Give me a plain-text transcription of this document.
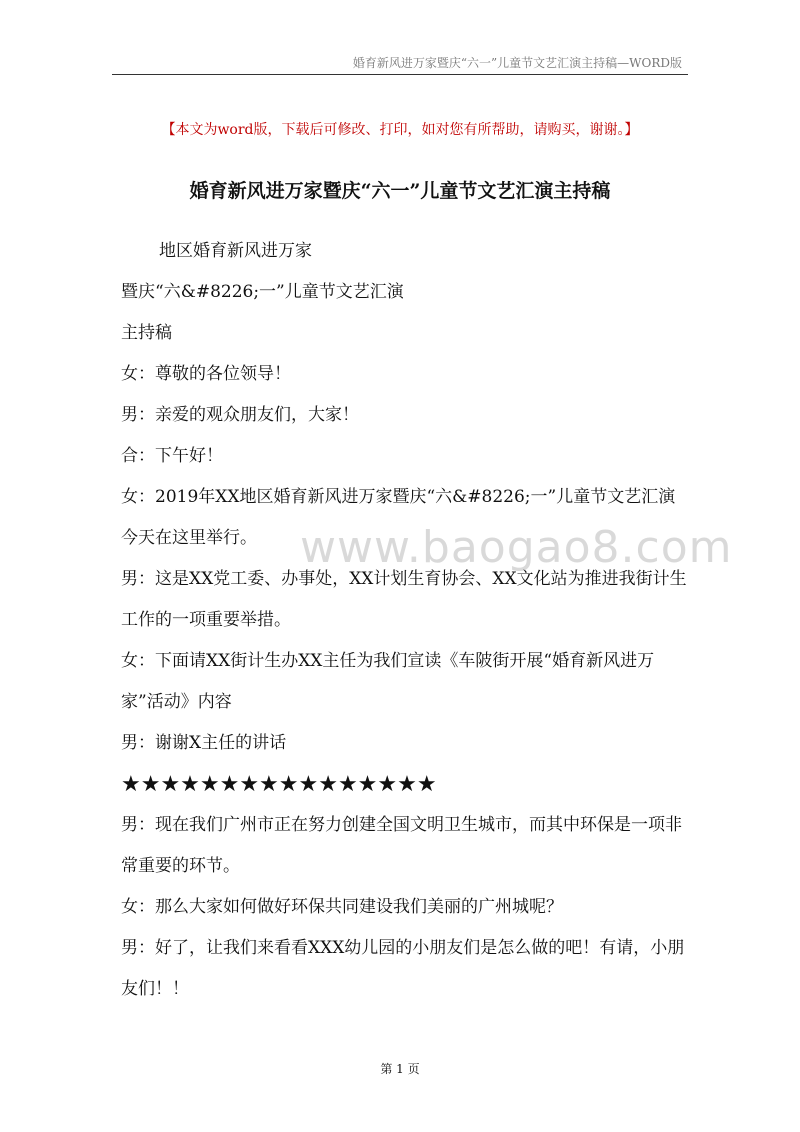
婚育新风进万家暨庆“六一”儿童节文艺汇演主持稿—WORD版
【本文为word版，下载后可修改、打印，如对您有所帮助，请购买，谢谢。】
婚育新风进万家暨庆“六一”儿童节文艺汇演主持稿
www.baogao8.com

地区婚育新风进万家

暨庆“六&#8226;一”儿童节文艺汇演

主持稿

女：尊敬的各位领导！

男：亲爱的观众朋友们，大家！

合：下午好！

女：2019年XX地区婚育新风进万家暨庆“六&#8226;一”儿童节文艺汇演今天在这里举行。

男：这是XX党工委、办事处，XX计划生育协会、XX文化站为推进我街计生工作的一项重要举措。

女：下面请XX街计生办XX主任为我们宣读《车陂街开展“婚育新风进万家”活动》内容

男：谢谢X主任的讲话

★★★★★★★★★★★★★★★★

男：现在我们广州市正在努力创建全国文明卫生城市，而其中环保是一项非常重要的环节。

女：那么大家如何做好环保共同建设我们美丽的广州城呢？

男：好了，让我们来看看XXX幼儿园的小朋友们是怎么做的吧！有请，小朋友们！！

第 1 页
